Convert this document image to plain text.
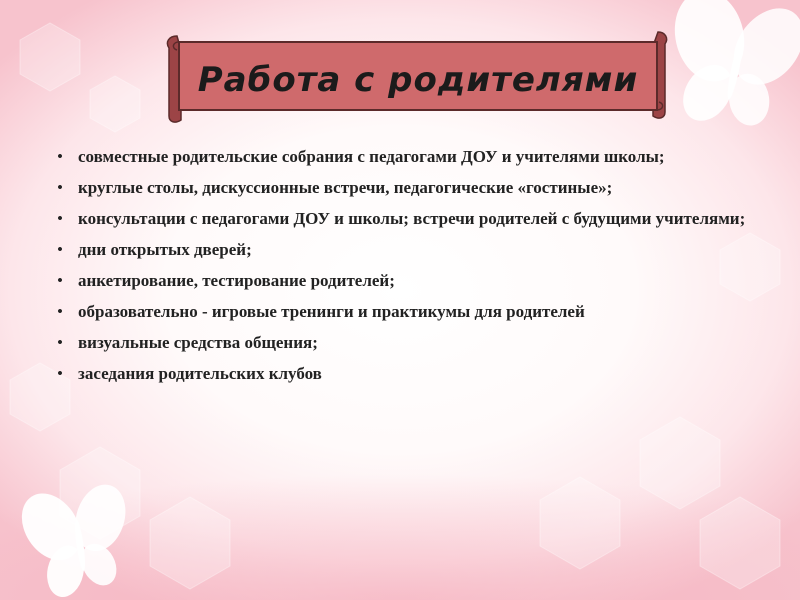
Работа с родителями
• совместные родительские собрания с педагогами ДОУ и учителями школы;
• круглые столы, дискуссионные встречи, педагогические «гостиные»;
• консультации с педагогами ДОУ и школы; встречи родителей с будущими учителями;
• дни открытых дверей;
• анкетирование, тестирование родителей;
• образовательно - игровые тренинги и практикумы для родителей
• визуальные средства общения;
• заседания родительских клубов
